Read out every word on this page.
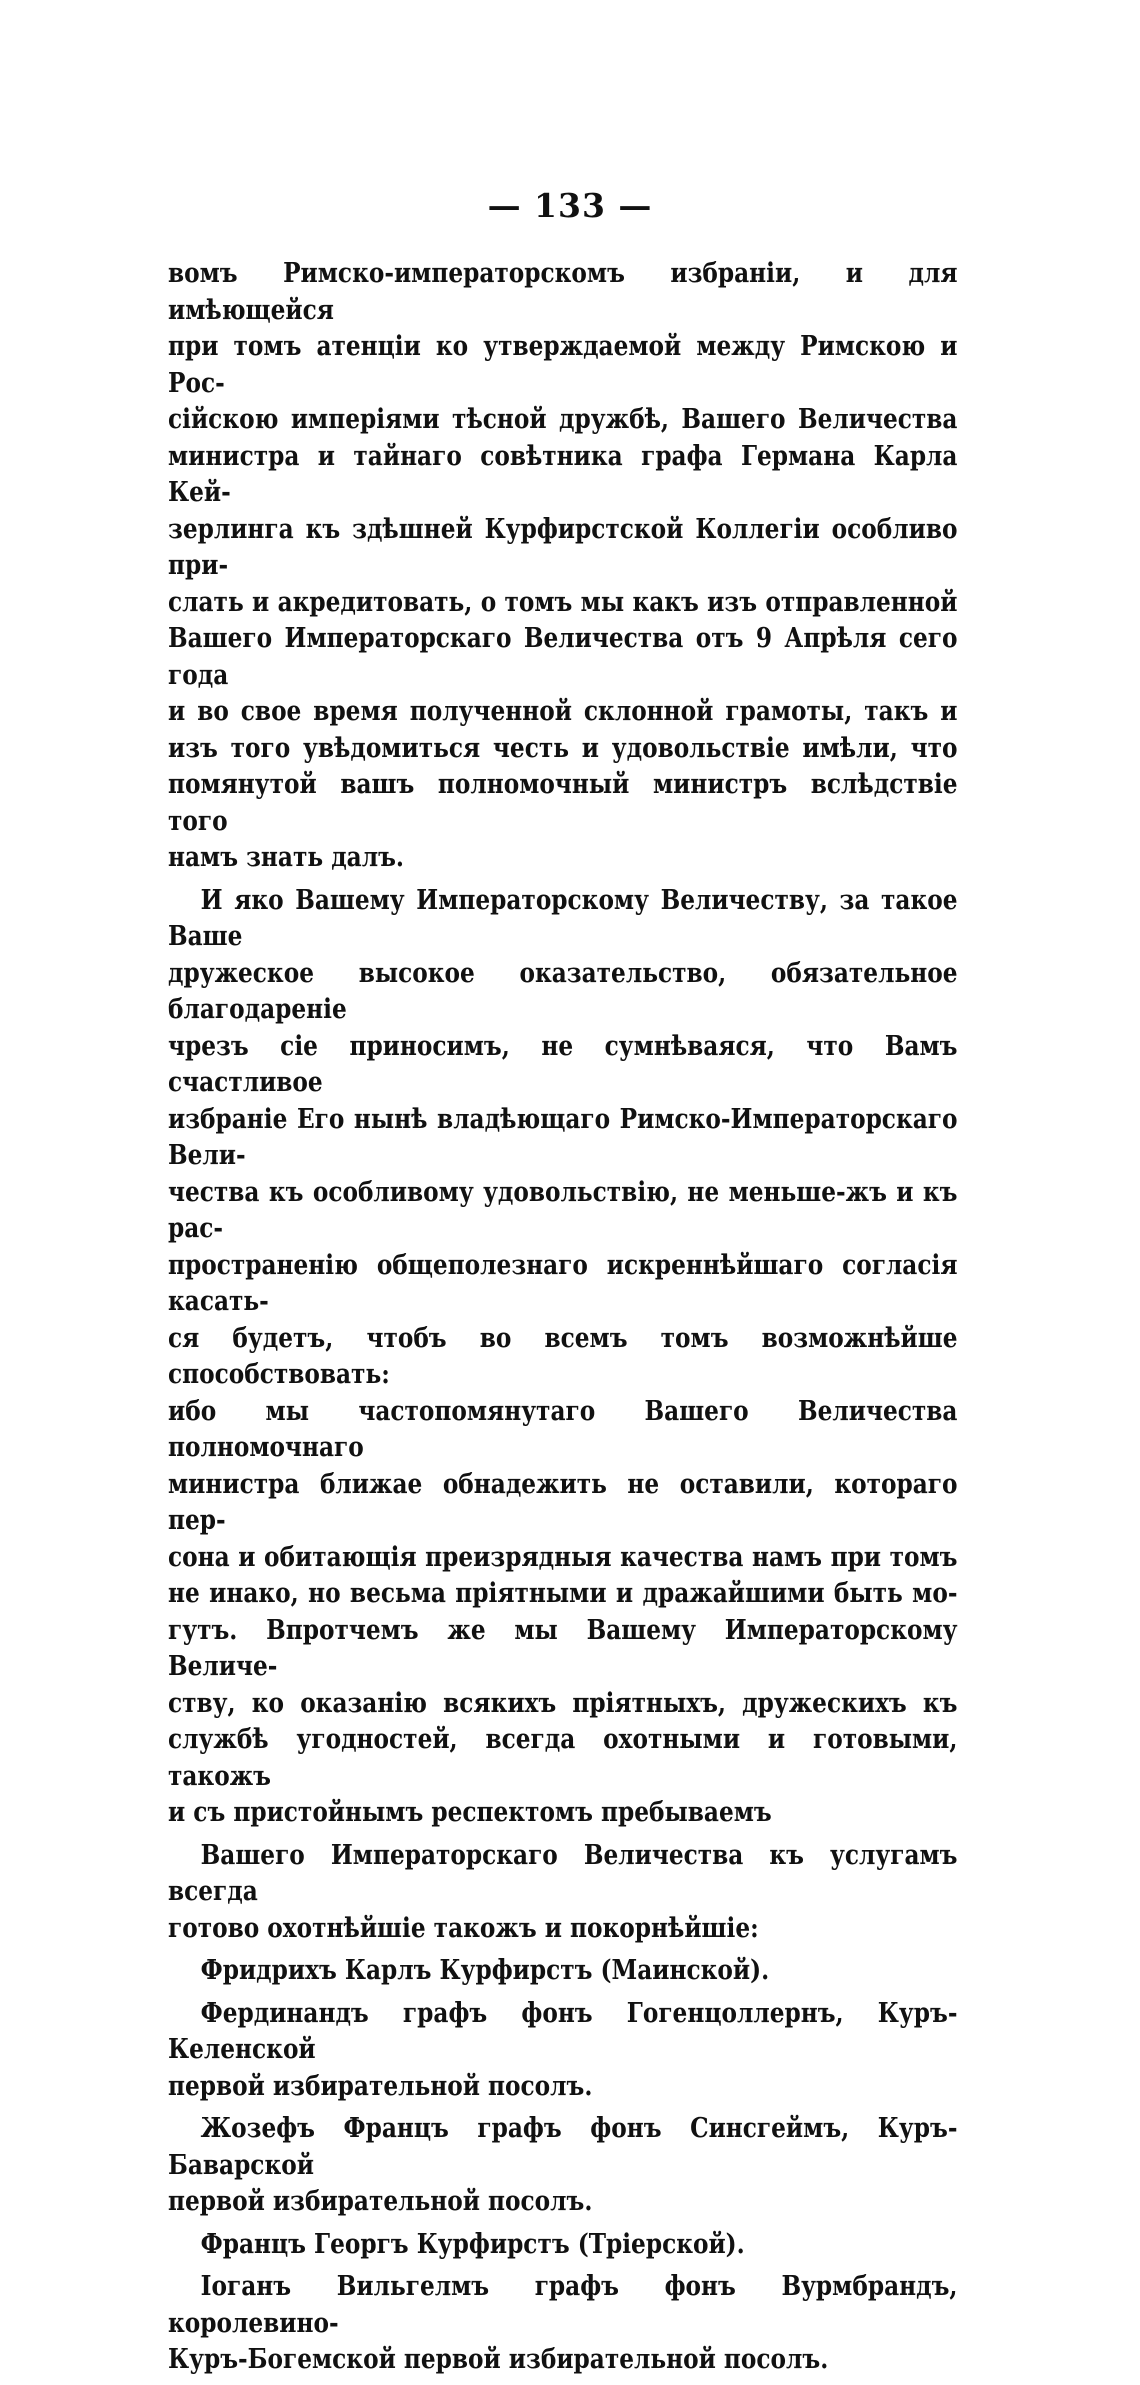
— 133 —

вомъ Римско-императорскомъ избраніи, и для имѣющейся
при томъ атенціи ко утверждаемой между Римскою и Рос-
сійскою имперіями тѣсной дружбѣ, Вашего Величества
министра и тайнаго совѣтника графа Германа Карла Кей-
зерлинга къ здѣшней Курфирстской Коллегіи особливо при-
слать и акредитовать, о томъ мы какъ изъ отправленной
Вашего Императорскаго Величества отъ 9 Апрѣля сего года
и во свое время полученной склонной грамоты, такъ и
изъ того увѣдомиться честь и удовольствіе имѣли, что
помянутой вашъ полномочный министръ вслѣдствіе того
намъ знать далъ.

И яко Вашему Императорскому Величеству, за такое Ваше
дружеское высокое оказательство, обязательное благодареніе
чрезъ сіе приносимъ, не сумнѣваяся, что Вамъ счастливое
избраніе Его нынѣ владѣющаго Римско-Императорскаго Вели-
чества къ особливому удовольствію, не меньше-жъ и къ рас-
пространенію общеполезнаго искреннѣйшаго согласія касать-
ся будетъ, чтобъ во всемъ томъ возможнѣйше способствовать:
ибо мы частопомянутаго Вашего Величества полномочнаго
министра ближае обнадежить не оставили, котораго пер-
сона и обитающія преизрядныя качества намъ при томъ
не инако, но весьма пріятными и дражайшими быть мо-
гутъ. Впротчемъ же мы Вашему Императорскому Величе-
ству, ко оказанію всякихъ пріятныхъ, дружескихъ къ
службѣ угодностей, всегда охотными и готовыми, такожъ
и съ пристойнымъ респектомъ пребываемъ

Вашего Императорскаго Величества къ услугамъ всегда
готово охотнѣйшіе такожъ и покорнѣйшіе:

Фридрихъ Карлъ Курфирстъ (Маинской).

Фердинандъ графъ фонъ Гогенцоллернъ, Куръ-Келенской
первой избирательной посолъ.

Жозефъ Францъ графъ фонъ Синсгеймъ, Куръ-Баварской
первой избирательной посолъ.

Францъ Георгъ Курфирстъ (Тріерской).

Іоганъ Вильгелмъ графъ фонъ Вурмбрандъ, королевино-
Куръ-Богемской первой избирательной посолъ.
